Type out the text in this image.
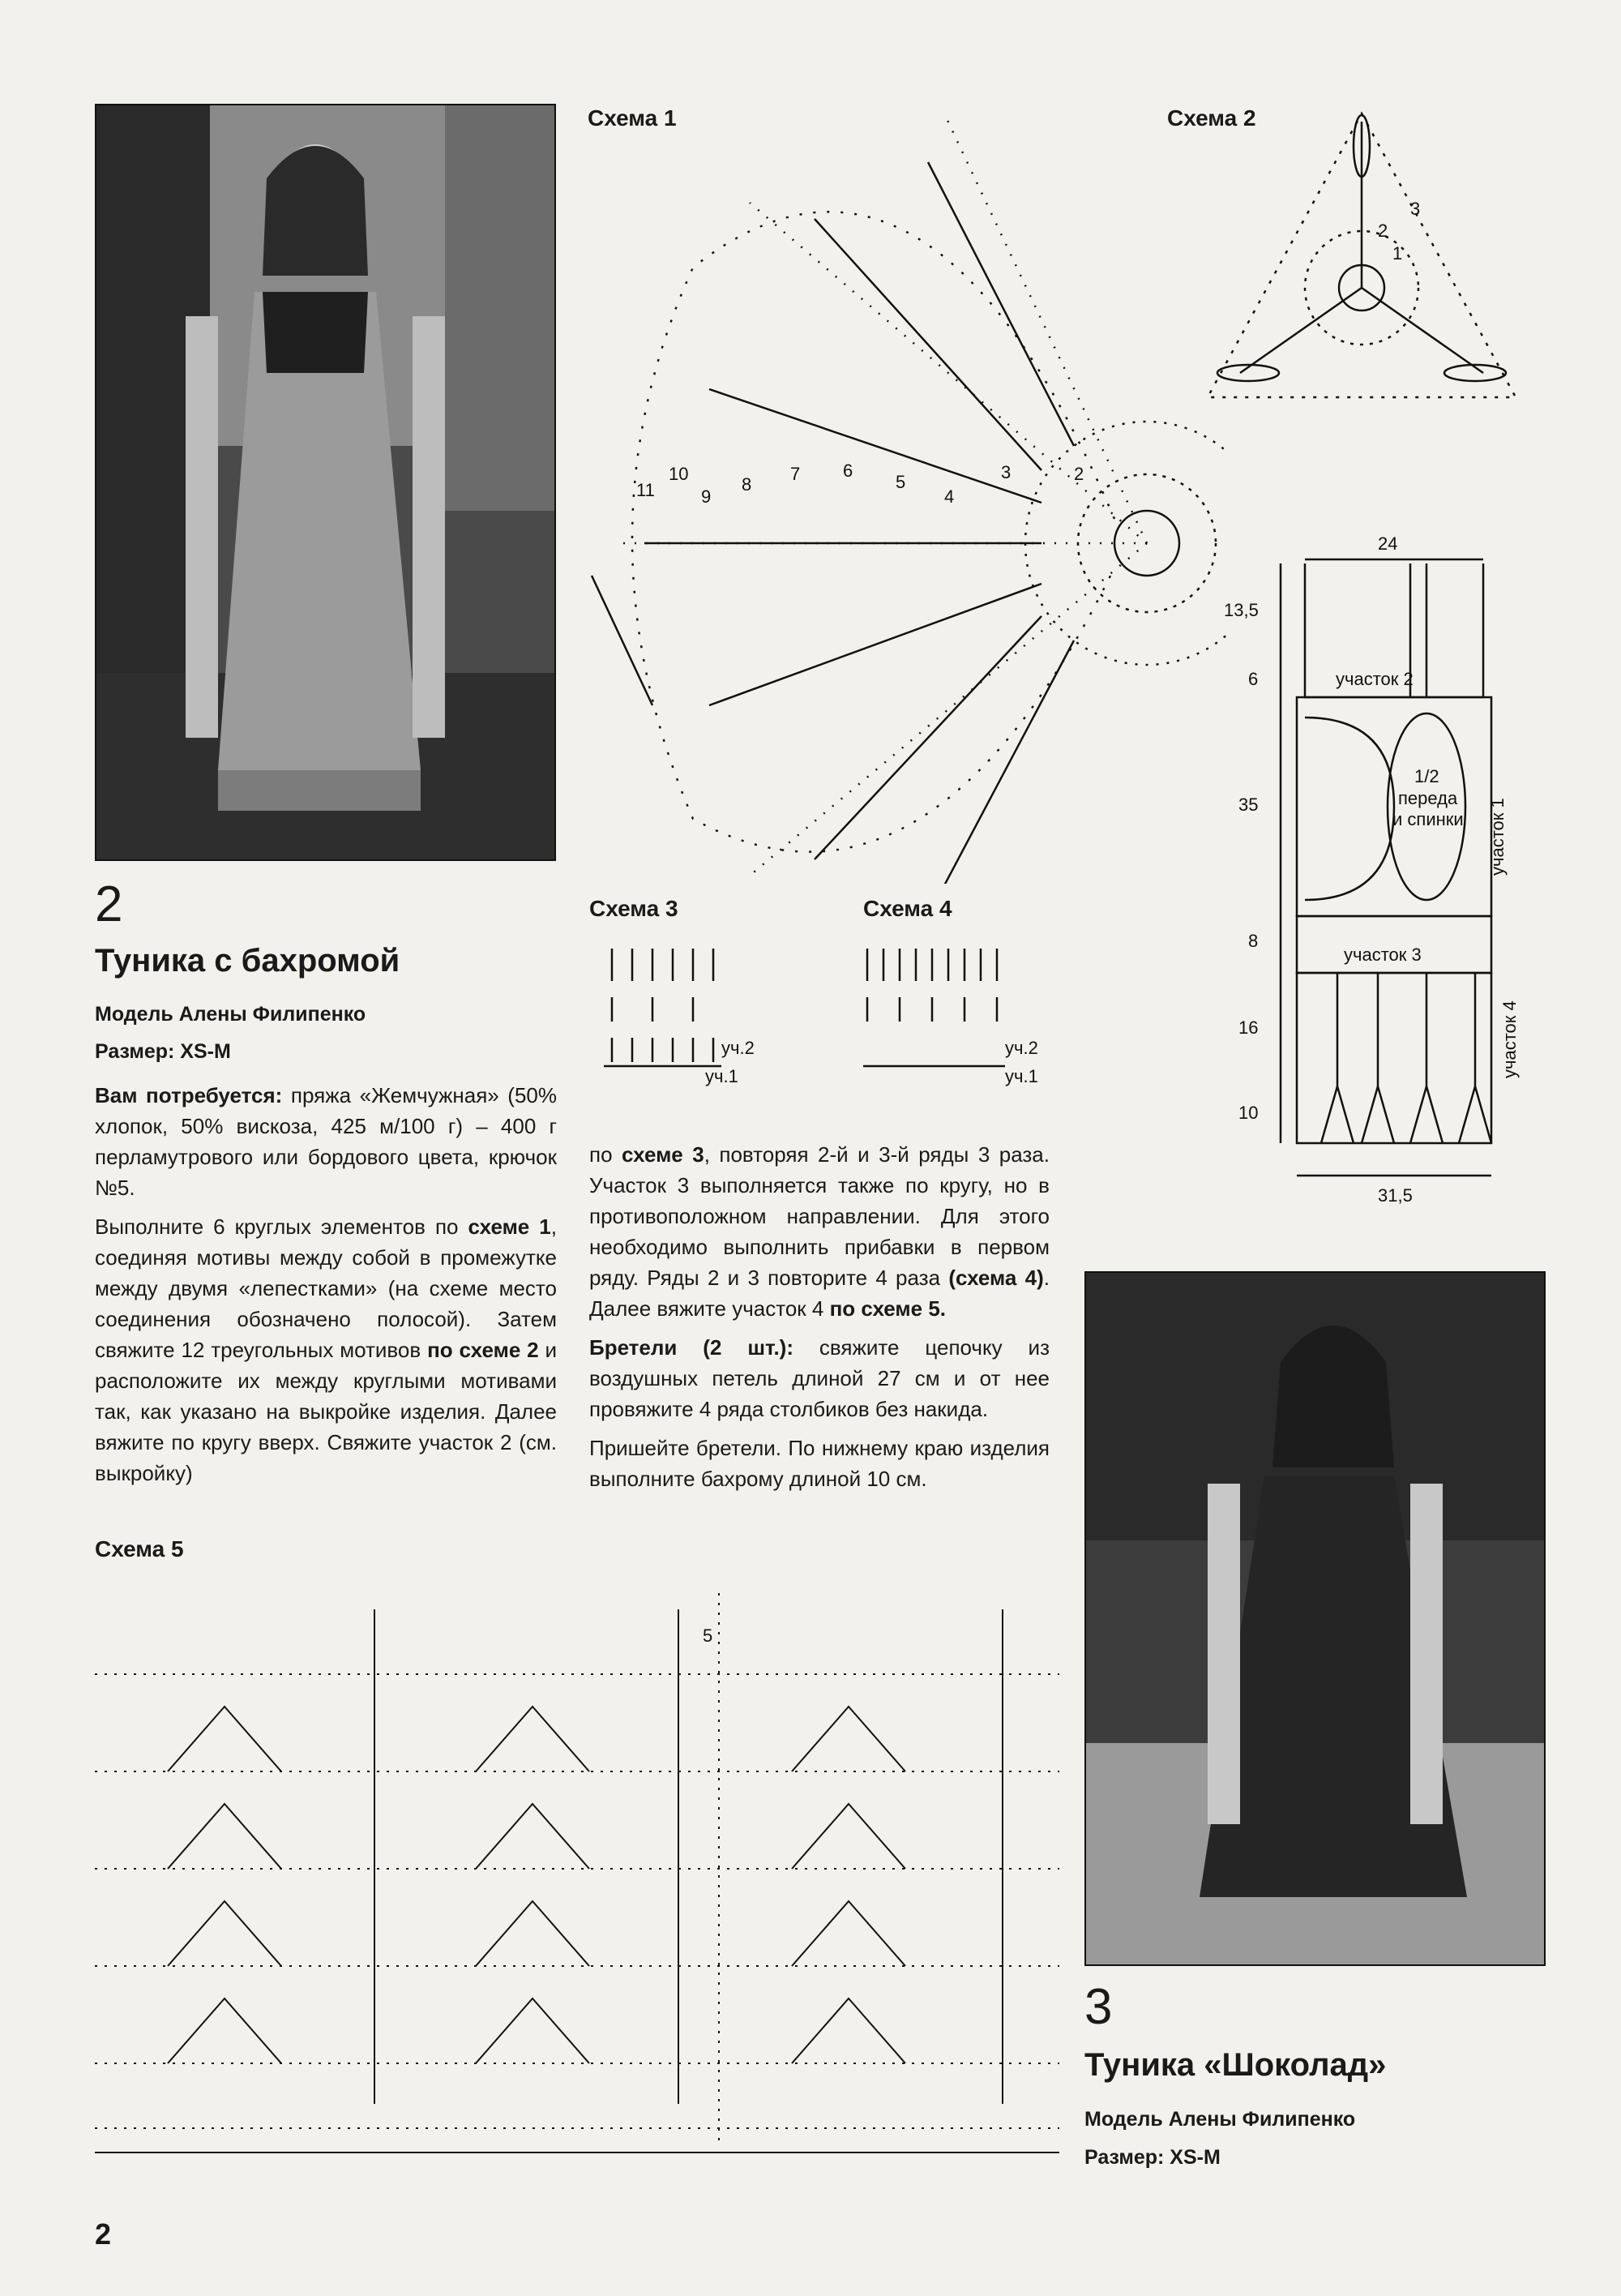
2
Туника с бахромой
Модель Алены Филипенко
Размер: XS-M

Вам потребуется: пряжа «Жемчужная» (50% хлопок, 50% вискоза, 425 м/100 г) – 400 г перламутрового или бордового цвета, крючок №5.

Выполните 6 круглых элементов по схеме 1, соединяя мотивы между собой в промежутке между двумя «лепестками» (на схеме место соединения обозначено полосой). Затем свяжите 12 треугольных мотивов по схеме 2 и расположите их между круглыми мотивами так, как указано на выкройке изделия. Далее вяжите по кругу вверх. Свяжите участок 2 (см. выкройку)

по схеме 3, повторяя 2-й и 3-й ряды 3 раза. Участок 3 выполняется также по кругу, но в противоположном направлении. Для этого необходимо выполнить прибавки в первом ряду. Ряды 2 и 3 повторите 4 раза (схема 4). Далее вяжите участок 4 по схеме 5.

Бретели (2 шт.): свяжите цепочку из воздушных петель длиной 27 см и от нее провяжите 4 ряда столбиков без накида.

Пришейте бретели. По нижнему краю изделия выполните бахрому длиной 10 см.

Схема 1
11
10
9
8
7 6
5
4
3	2
Схема 2
3
2
1
24
13,5
6
35
8
16
10
31,5
участок 2
участок 3
участок 1
участок 4
1/2
переда
и спинки
Схема 3
уч.2
уч.1
Схема 4
уч.2
уч.1
Схема 5
5
3
Туника «Шоколад»
Модель Алены Филипенко
Размер: XS-M
2
